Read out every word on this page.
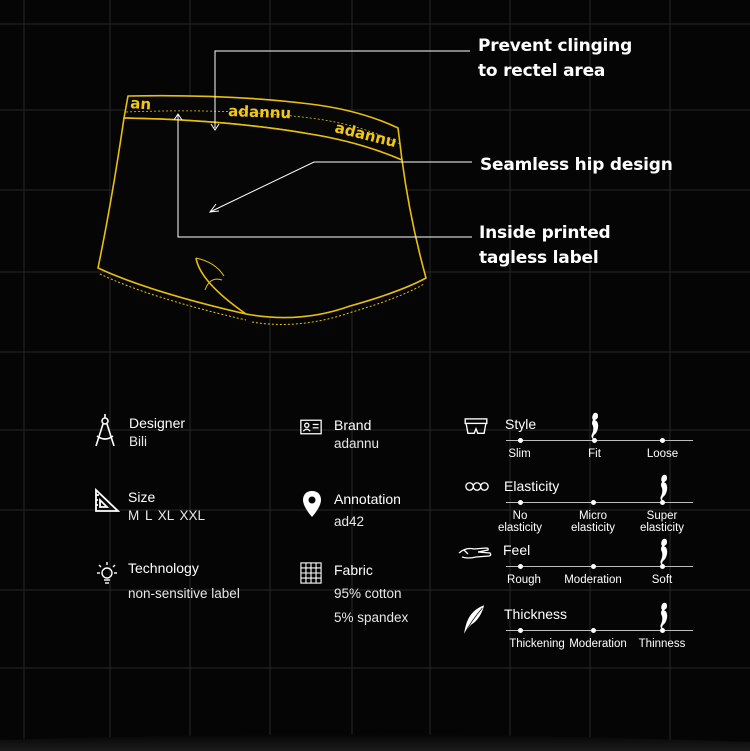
an	adannu
adannu
Prevent clinging
to rectel area
Seamless hip design
Inside printed
tagless label
Designer
Bili
Brand
adannu
Size
M L XL XXL
Annotation
ad42
Technology
non-sensitive label
Fabric
95% cotton
5% spandex
Style
Slim	Fit	Loose
Elasticity
No
elasticity
Micro
elasticity
Super
elasticity
Feel
Rough	Moderation	Soft
Thickness
Thickening Moderation	Thinness
